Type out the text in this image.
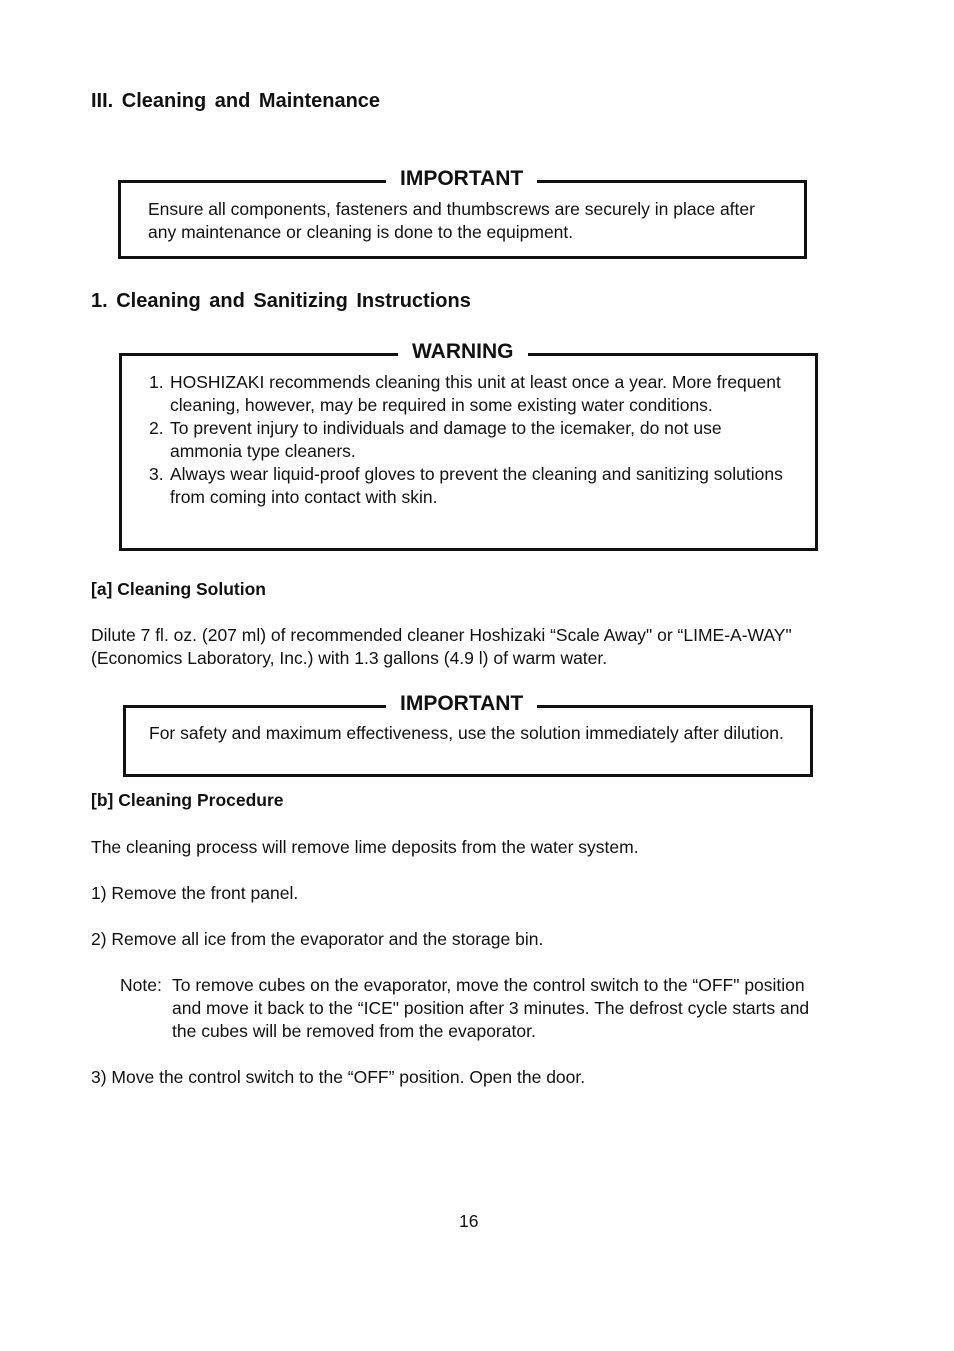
III. Cleaning and Maintenance
IMPORTANT
Ensure all components, fasteners and thumbscrews are securely in place after any maintenance or cleaning is done to the equipment.
1. Cleaning and Sanitizing Instructions
WARNING
1. HOSHIZAKI recommends cleaning this unit at least once a year. More frequent cleaning, however, may be required in some existing water conditions.
2. To prevent injury to individuals and damage to the icemaker, do not use ammonia type cleaners.
3. Always wear liquid-proof gloves to prevent the cleaning and sanitizing solutions from coming into contact with skin.
[a] Cleaning Solution
Dilute 7 fl. oz. (207 ml) of recommended cleaner Hoshizaki “Scale Away" or “LIME-A-WAY" (Economics Laboratory, Inc.) with 1.3 gallons (4.9 l) of warm water.
IMPORTANT
For safety and maximum effectiveness, use the solution immediately after dilution.
[b] Cleaning Procedure
The cleaning process will remove lime deposits from the water system.
1) Remove the front panel.
2) Remove all ice from the evaporator and the storage bin.
Note: To remove cubes on the evaporator, move the control switch to the “OFF" position and move it back to the “ICE" position after 3 minutes. The defrost cycle starts and the cubes will be removed from the evaporator.
3) Move the control switch to the “OFF” position. Open the door.
16
